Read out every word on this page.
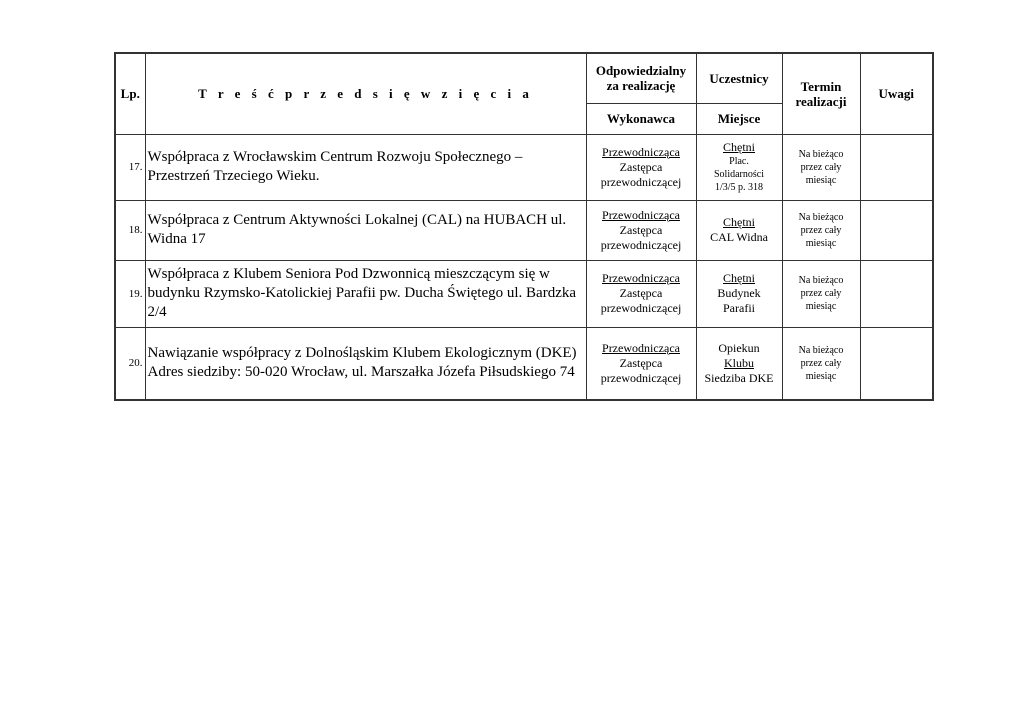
Lp.	T r e ś ć p r z e d s i ę w z i ę c i a	Odpowiedzialny za realizację	Uczestnicy	Termin realizacji	Uwagi
		Wykonawca	Miejsce		
17.	Współpraca z Wrocławskim Centrum Rozwoju Społecznego – Przestrzeń Trzeciego Wieku.	Przewodnicząca
Zastępca
przewodniczącej	Chętni
Plac.
Solidarności
1/3/5 p. 318	Na bieżąco
przez cały
miesiąc	

18.	Współpraca z Centrum Aktywności Lokalnej (CAL) na HUBACH ul. Widna 17	Przewodnicząca
Zastępca
przewodniczącej	Chętni
CAL Widna	Na bieżąco
przez cały
miesiąc	

19.	Współpraca z Klubem Seniora Pod Dzwonnicą mieszczącym się w budynku Rzymsko-Katolickiej Parafii pw. Ducha Świętego ul. Bardzka 2/4	Przewodnicząca
Zastępca
przewodniczącej	Chętni
Budynek
Parafii	Na bieżąco
przez cały
miesiąc	

20.	Nawiązanie współpracy z Dolnośląskim Klubem Ekologicznym (DKE) Adres siedziby: 50-020 Wrocław, ul. Marszałka Józefa Piłsudskiego 74	Przewodnicząca
Zastępca
przewodniczącej	Opiekun
Klubu
Siedziba DKE	Na bieżąco
przez cały
miesiąc	
